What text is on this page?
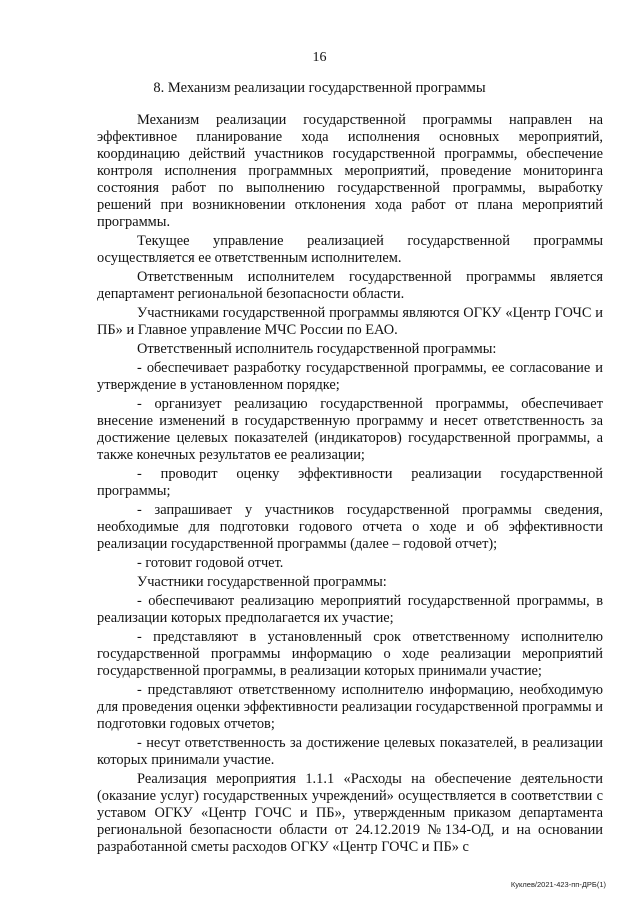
16
8. Механизм реализации государственной программы

Механизм реализации государственной программы направлен на эффективное планирование хода исполнения основных мероприятий, координацию действий участников государственной программы, обеспечение контроля исполнения программных мероприятий, проведение мониторинга состояния работ по выполнению государственной программы, выработку решений при возникновении отклонения хода работ от плана мероприятий программы.

Текущее управление реализацией государственной программы осуществляется ее ответственным исполнителем.

Ответственным исполнителем государственной программы является департамент региональной безопасности области.

Участниками государственной программы являются ОГКУ «Центр ГОЧС и ПБ» и Главное управление МЧС России по ЕАО.

Ответственный исполнитель государственной программы:

- обеспечивает разработку государственной программы, ее согласование и утверждение в установленном порядке;

- организует реализацию государственной программы, обеспечивает внесение изменений в государственную программу и несет ответственность за достижение целевых показателей (индикаторов) государственной программы, а также конечных результатов ее реализации;

- проводит оценку эффективности реализации государственной программы;

- запрашивает у участников государственной программы сведения, необходимые для подготовки годового отчета о ходе и об эффективности реализации государственной программы (далее – годовой отчет);

- готовит годовой отчет.

Участники государственной программы:

- обеспечивают реализацию мероприятий государственной программы, в реализации которых предполагается их участие;

- представляют в установленный срок ответственному исполнителю государственной программы информацию о ходе реализации мероприятий государственной программы, в реализации которых принимали участие;

- представляют ответственному исполнителю информацию, необходимую для проведения оценки эффективности реализации государственной программы и подготовки годовых отчетов;

- несут ответственность за достижение целевых показателей, в реализации которых принимали участие.

Реализация мероприятия 1.1.1 «Расходы на обеспечение деятельности (оказание услуг) государственных учреждений» осуществляется в соответствии с уставом ОГКУ «Центр ГОЧС и ПБ», утвержденным приказом департамента региональной безопасности области от 24.12.2019 №134-ОД, и на основании разработанной сметы расходов ОГКУ «Центр ГОЧС и ПБ» с

Куклев/2021-423-пп-ДРБ(1)
